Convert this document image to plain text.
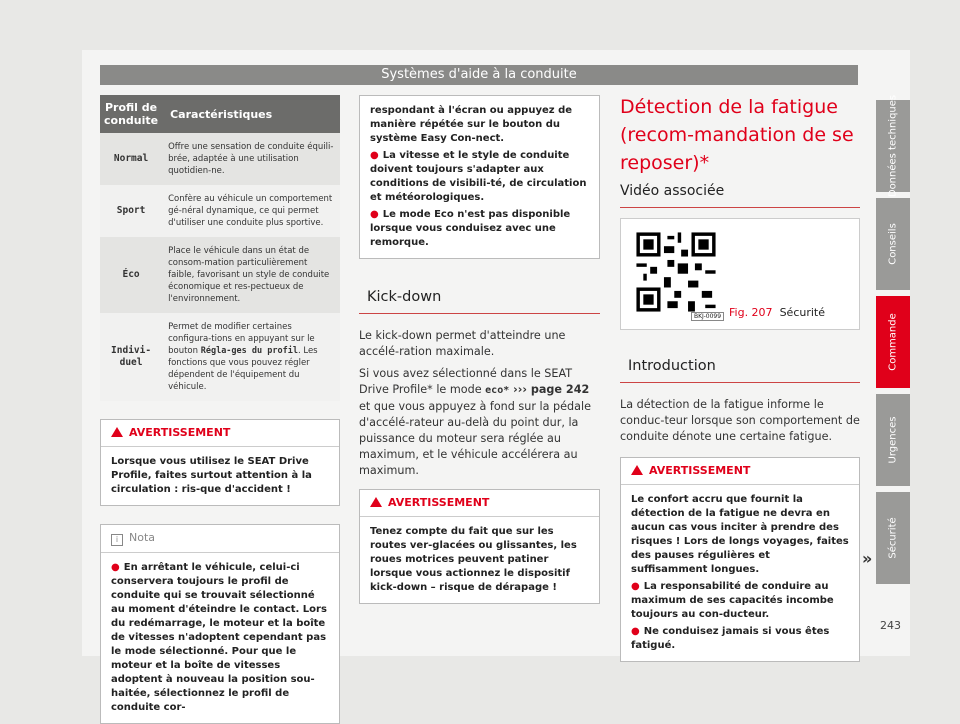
Systèmes d'aide à la conduite
Profil de conduite	Caractéristiques
Normal	Offre une sensation de conduite équili-brée, adaptée à une utilisation quotidien-ne.
Sport	Confère au véhicule un comportement gé-néral dynamique, ce qui permet d'utiliser une conduite plus sportive.
Éco	Place le véhicule dans un état de consom-mation particulièrement faible, favorisant un style de conduite économique et res-pectueux de l'environnement.
Indivi-duel	Permet de modifier certaines configura-tions en appuyant sur le bouton Régla-ges du profil. Les fonctions que vous pouvez régler dépendent de l'équipement du véhicule.
AVERTISSEMENT
Lorsque vous utilisez le SEAT Drive Profile, faites surtout attention à la circulation : ris-que d'accident !
i Nota
● En arrêtant le véhicule, celui-ci conservera toujours le profil de conduite qui se trouvait sélectionné au moment d'éteindre le contact. Lors du redémarrage, le moteur et la boîte de vitesses n'adoptent cependant pas le mode sélectionné. Pour que le moteur et la boîte de vitesses adoptent à nouveau la position sou-haitée, sélectionnez le profil de conduite cor-
respondant à l'écran ou appuyez de manière répétée sur le bouton du système Easy Con-nect.
● La vitesse et le style de conduite doivent toujours s'adapter aux conditions de visibili-té, de circulation et météorologiques.
● Le mode Eco n'est pas disponible lorsque vous conduisez avec une remorque.
Kick-down

Le kick-down permet d'atteindre une accélé-ration maximale.

Si vous avez sélectionné dans le SEAT Drive Profile* le mode eco* ››› page 242 et que vous appuyez à fond sur la pédale d'accélé-rateur au-delà du point dur, la puissance du moteur sera réglée au maximum, et le véhicule accélérera au maximum.

AVERTISSEMENT
Tenez compte du fait que sur les routes ver-glacées ou glissantes, les roues motrices peuvent patiner lorsque vous actionnez le dispositif kick-down – risque de dérapage !
Détection de la fatigue (recom-mandation de se reposer)*
Vidéo associée
BKJ-0099 Fig. 207 Sécurité
Introduction

La détection de la fatigue informe le conduc-teur lorsque son comportement de conduite dénote une certaine fatigue.

AVERTISSEMENT
Le confort accru que fournit la détection de la fatigue ne devra en aucun cas vous inciter à prendre des risques ! Lors de longs voyages, faites des pauses régulières et suffisamment longues.
● La responsabilité de conduire au maximum de ses capacités incombe toujours au con-ducteur.
● Ne conduisez jamais si vous êtes fatigué.
»
Données techniques
Conseils
Commande
Urgences
Sécurité
243
